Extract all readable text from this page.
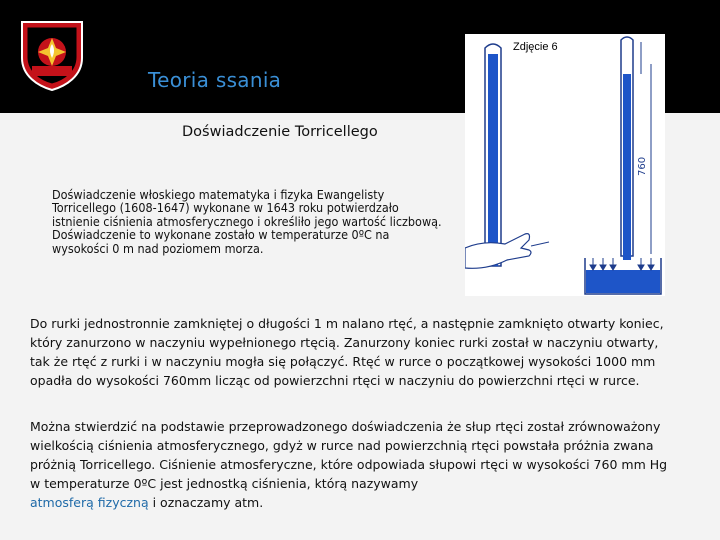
Teoria ssania
760
Zdjęcie 6
Doświadczenie Torricellego
Doświadczenie włoskiego matematyka i fizyka Ewangelisty Torricellego (1608-1647) wykonane w 1643 roku potwierdzało istnienie ciśnienia atmosferycznego i określiło jego wartość liczbową. Doświadczenie to wykonane zostało w temperaturze 0ºC na wysokości 0 m nad poziomem morza.
Do rurki jednostronnie zamkniętej o długości 1 m nalano rtęć, a następnie zamknięto otwarty koniec, który zanurzono w naczyniu wypełnionego rtęcią. Zanurzony koniec rurki został w naczyniu otwarty, tak że rtęć z rurki i w naczyniu mogła się połączyć. Rtęć w rurce o początkowej wysokości 1000 mm opadła do wysokości 760mm licząc od powierzchni rtęci w naczyniu do powierzchni rtęci w rurce.
Można stwierdzić na podstawie przeprowadzonego doświadczenia że słup rtęci został zrównoważony wielkością ciśnienia atmosferycznego, gdyż w rurce nad powierzchnią rtęci powstała próżnia zwana próżnią Torricellego. Ciśnienie atmosferyczne, które odpowiada słupowi rtęci w wysokości 760 mm Hg w temperaturze 0ºC jest jednostką ciśnienia, którą nazywamy
atmosferą fizyczną i oznaczamy atm.
